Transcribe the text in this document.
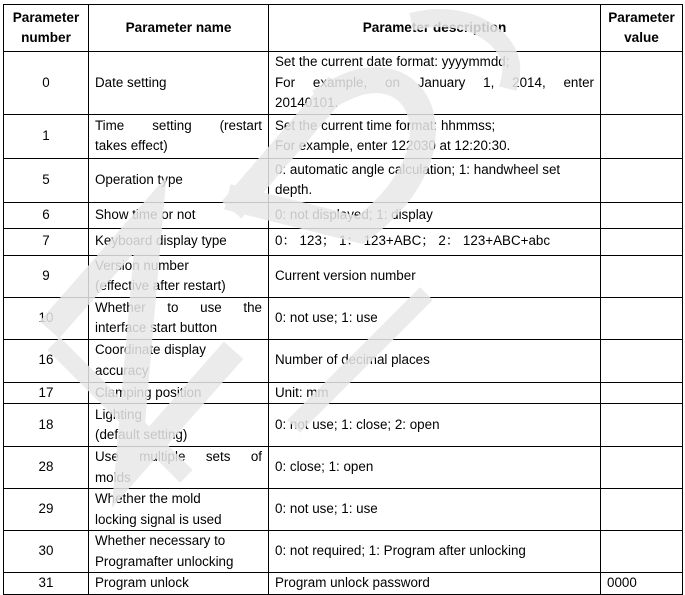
Parameter
number	Parameter name	Parameter description	Parameter
value

0	Date setting	Set the current date format: yyyymmdd;
For example, on January 1, 2014, enter
20140101.	

1	Time setting (restart
takes effect)	Set the current time format: hhmmss;
For example, enter 122030 at 12:20:30.	

5	Operation type	0: automatic angle calculation; 1: handwheel set
depth.	

6	Show time or not	0: not displayed; 1: display	
7	Keyboard display type	0： 123； 1： 123+ABC； 2： 123+ABC+abc	
9	Version number
(effective after restart)	Current version number	
10	Whether to use the
interface start button	0: not use; 1: use	
16	Coordinate display
accuracy	Number of decimal places	
17	Clamping position	Unit: mm	
18	Lighting
(default setting)	0: not use; 1: close; 2: open	
28	Use multiple sets of
molds	0: close; 1: open	
29	Whether the mold
locking signal is used	0: not use; 1: use	
30	Whether necessary to
Programafter unlocking	0: not required; 1: Program after unlocking	
31	Program unlock	Program unlock password	0000
